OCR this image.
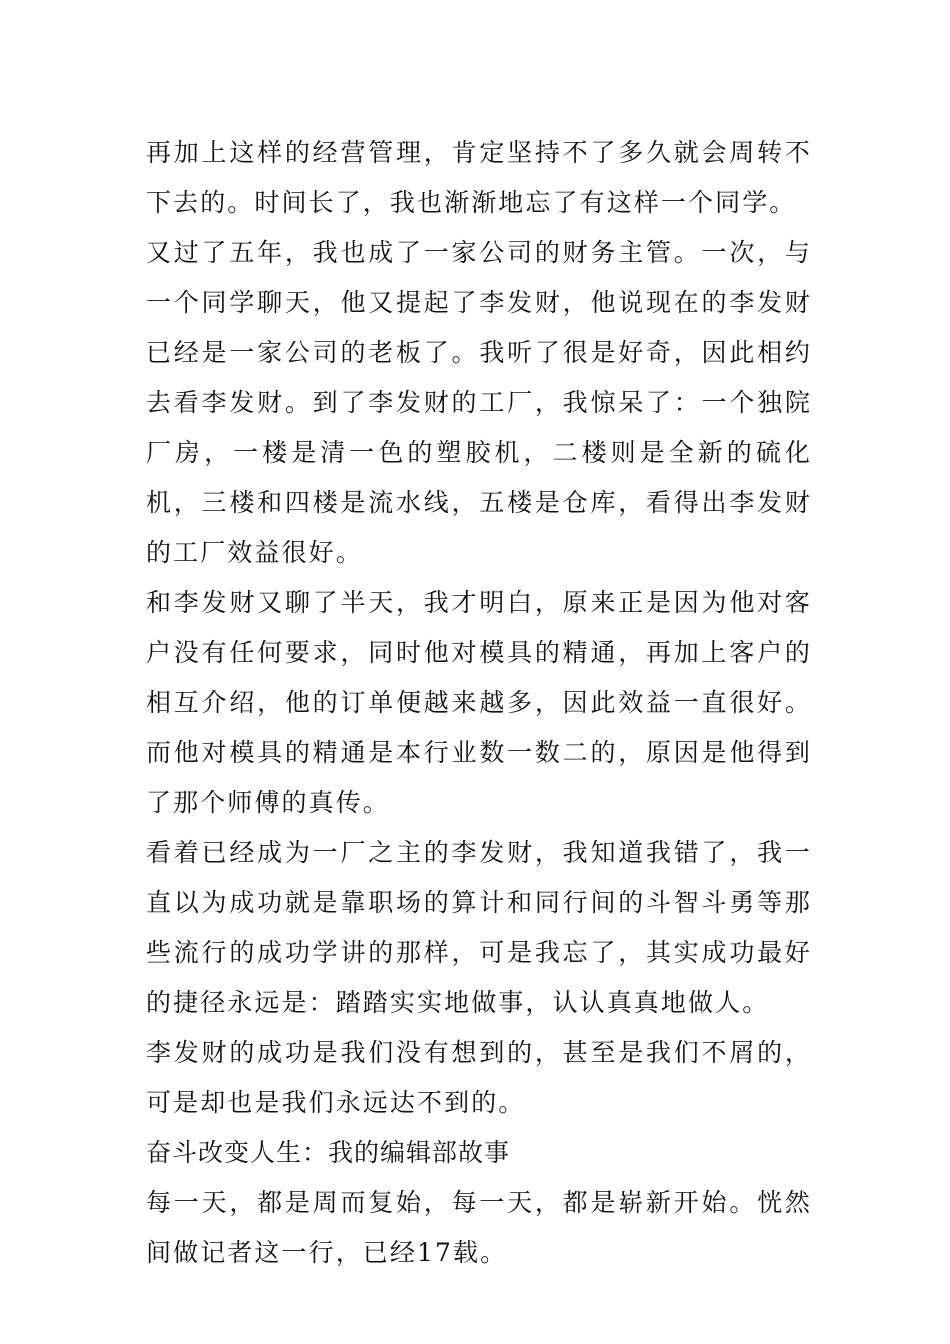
再加上这样的经营管理，肯定坚持不了多久就会周转不下去的。时间长了，我也渐渐地忘了有这样一个同学。

又过了五年，我也成了一家公司的财务主管。一次，与一个同学聊天，他又提起了李发财，他说现在的李发财已经是一家公司的老板了。我听了很是好奇，因此相约去看李发财。到了李发财的工厂，我惊呆了：一个独院厂房，一楼是清一色的塑胶机，二楼则是全新的硫化机，三楼和四楼是流水线，五楼是仓库，看得出李发财的工厂效益很好。

和李发财又聊了半天，我才明白，原来正是因为他对客户没有任何要求，同时他对模具的精通，再加上客户的相互介绍，他的订单便越来越多，因此效益一直很好。而他对模具的精通是本行业数一数二的，原因是他得到了那个师傅的真传。

看着已经成为一厂之主的李发财，我知道我错了，我一直以为成功就是靠职场的算计和同行间的斗智斗勇等那些流行的成功学讲的那样，可是我忘了，其实成功最好的捷径永远是：踏踏实实地做事，认认真真地做人。

李发财的成功是我们没有想到的，甚至是我们不屑的，可是却也是我们永远达不到的。

奋斗改变人生：我的编辑部故事

每一天，都是周而复始，每一天，都是崭新开始。恍然间做记者这一行，已经17载。
